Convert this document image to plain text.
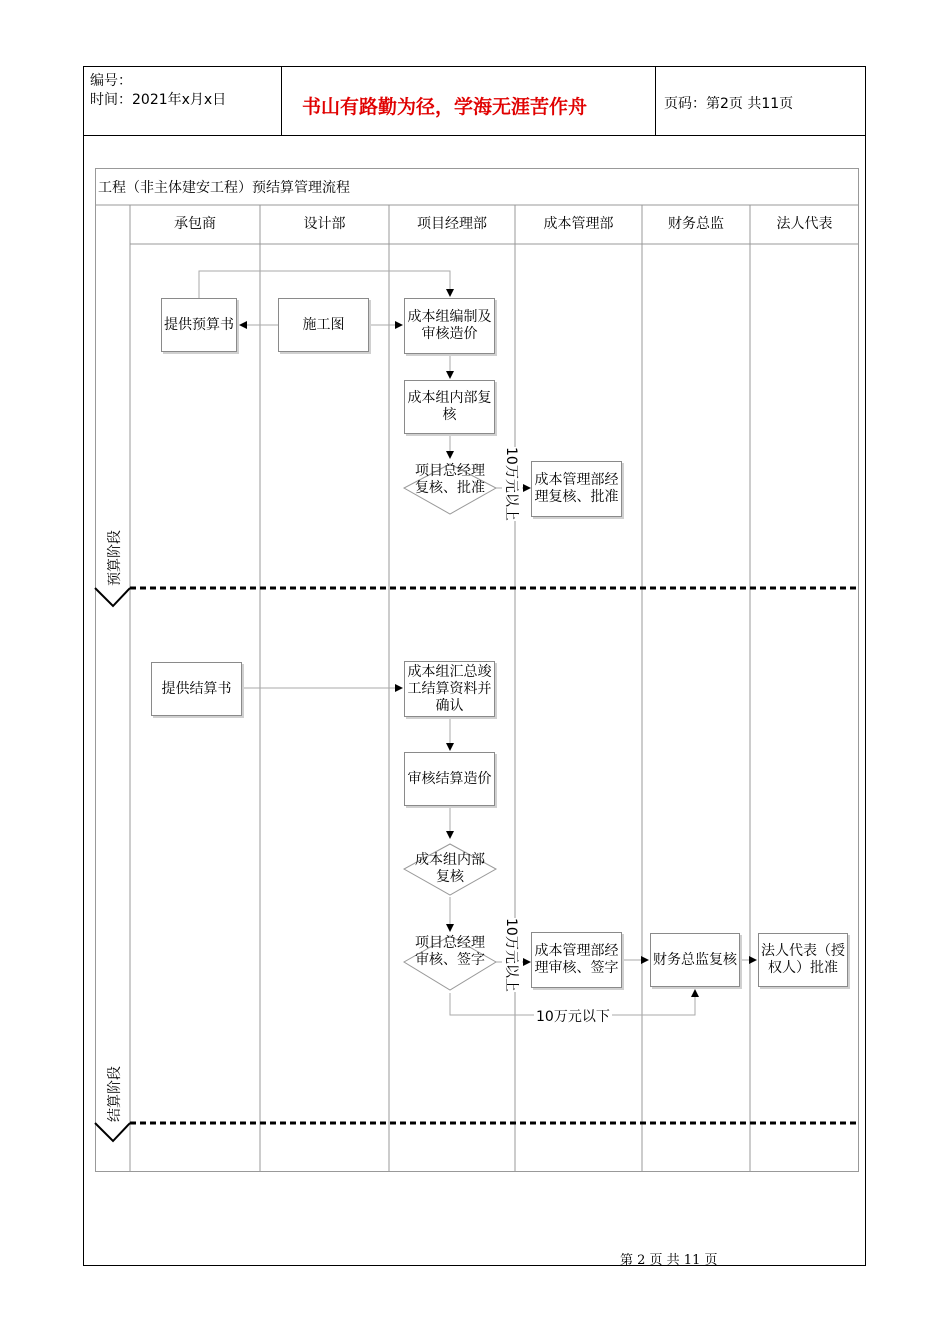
编号：
时间：2021年x月x日	书山有路勤为径，学海无涯苦作舟	页码：第2页 共11页
工程（非主体建安工程）预结算管理流程
承包商	设计部	项目经理部	成本管理部	财务总监	法人代表
预算阶段
结算阶段
提供预算书	施工图	成本组编制及审核造价
成本组内部复核
项目总经理复核、批准	成本管理部经理复核、批准
10万元以上
提供结算书
成本组汇总竣工结算资料并确认
审核结算造价
成本组内部复核
项目总经理审核、签字
成本管理部经理审核、签字
财务总监复核
法人代表（授权人）批准
10万元以上
10万元以下
第 2 页 共 11 页
